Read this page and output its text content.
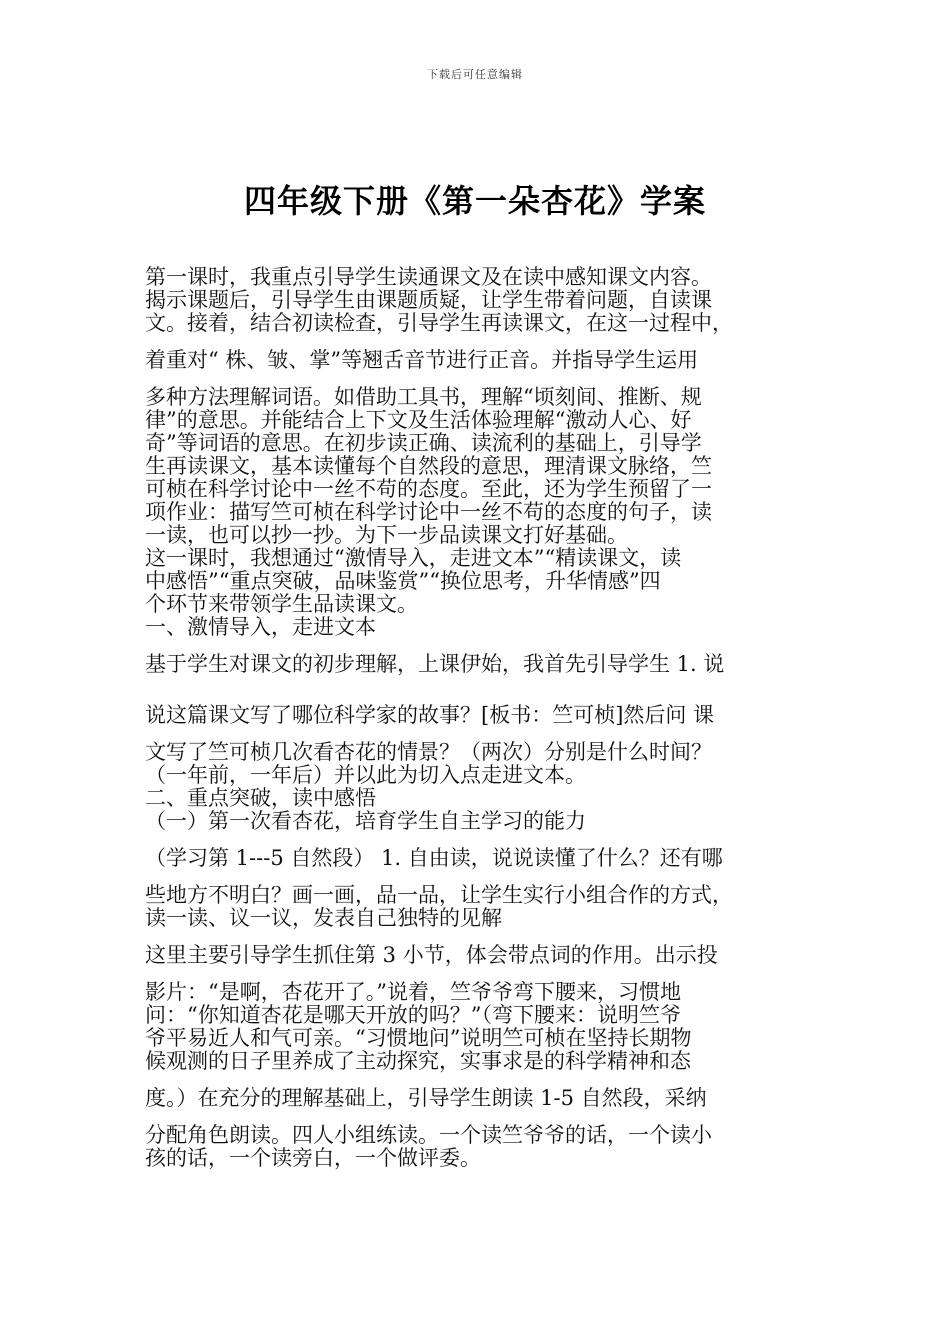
下载后可任意编辑
四年级下册《第一朵杏花》学案

第一课时，我重点引导学生读通课文及在读中感知课文内容。

揭示课题后，引导学生由课题质疑，让学生带着问题，自读课

文。接着，结合初读检查，引导学生再读课文，在这一过程中，

着重对“ 株、皱、掌”等翘舌音节进行正音。并指导学生运用

多种方法理解词语。如借助工具书，理解“顷刻间、推断、规

律”的意思。并能结合上下文及生活体验理解“激动人心、好

奇”等词语的意思。在初步读正确、读流利的基础上，引导学

生再读课文，基本读懂每个自然段的意思，理清课文脉络，竺

可桢在科学讨论中一丝不苟的态度。至此，还为学生预留了一

项作业：描写竺可桢在科学讨论中一丝不苟的态度的句子，读

一读，也可以抄一抄。为下一步品读课文打好基础。

这一课时，我想通过“激情导入，走进文本”“精读课文，读

中感悟”“重点突破，品味鉴赏”“换位思考，升华情感”四

个环节来带领学生品读课文。

一、激情导入，走进文本

基于学生对课文的初步理解，上课伊始，我首先引导学生 1. 说

说这篇课文写了哪位科学家的故事？[板书：竺可桢]然后问 课

文写了竺可桢几次看杏花的情景？（两次）分别是什么时间？

（一年前，一年后）并以此为切入点走进文本。

二、重点突破，读中感悟

（一）第一次看杏花，培育学生自主学习的能力

（学习第 1---5 自然段） 1. 自由读，说说读懂了什么？还有哪

些地方不明白？画一画，品一品，让学生实行小组合作的方式，

读一读、议一议，发表自己独特的见解

这里主要引导学生抓住第 3 小节，体会带点词的作用。出示投

影片：“是啊，杏花开了。”说着，竺爷爷弯下腰来，习惯地

问：“你知道杏花是哪天开放的吗？”（弯下腰来：说明竺爷

爷平易近人和气可亲。“习惯地问”说明竺可桢在坚持长期物

候观测的日子里养成了主动探究，实事求是的科学精神和态

度。）在充分的理解基础上，引导学生朗读 1-5 自然段，采纳

分配角色朗读。四人小组练读。一个读竺爷爷的话，一个读小

孩的话，一个读旁白，一个做评委。
